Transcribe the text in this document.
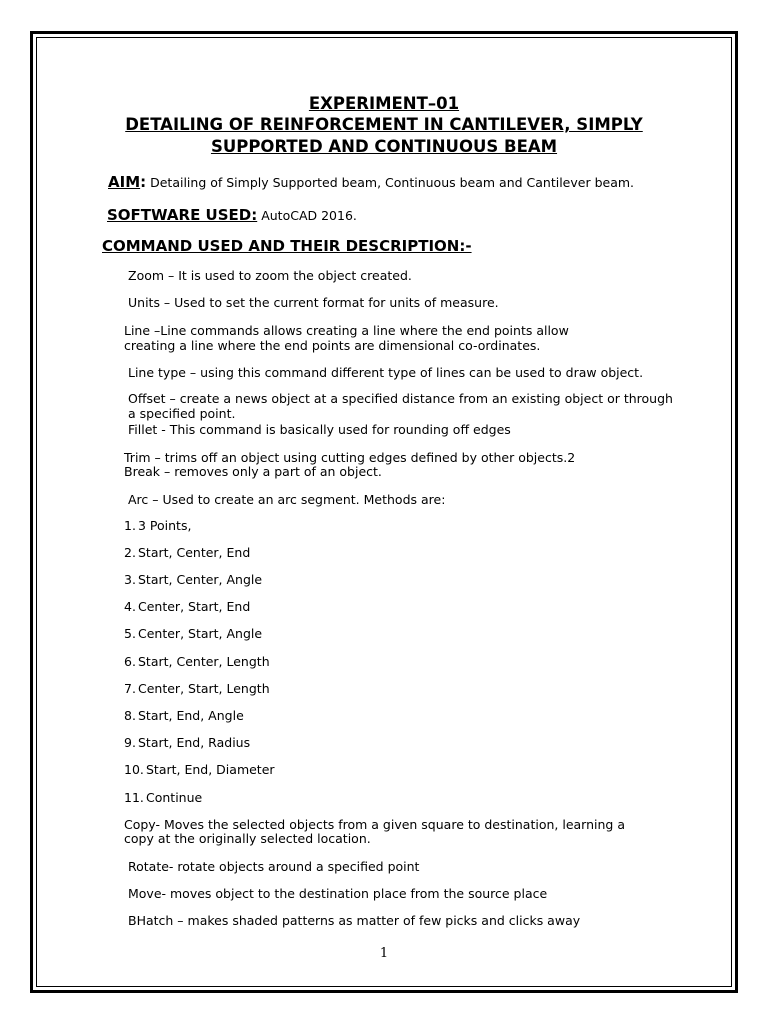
EXPERIMENT–01
DETAILING OF REINFORCEMENT IN CANTILEVER, SIMPLY
SUPPORTED AND CONTINUOUS BEAM
AIM: Detailing of Simply Supported beam, Continuous beam and Cantilever beam.
SOFTWARE USED: AutoCAD 2016.
COMMAND USED AND THEIR DESCRIPTION:-
Zoom – It is used to zoom the object created.
Units – Used to set the current format for units of measure.
Line –Line commands allows creating a line where the end points allow
creating a line where the end points are dimensional co-ordinates.
Line type – using this command different type of lines can be used to draw object.
Offset – create a news object at a specified distance from an existing object or through
a specified point.
Fillet - This command is basically used for rounding off edges
Trim – trims off an object using cutting edges defined by other objects.2
Break – removes only a part of an object.
Arc – Used to create an arc segment. Methods are:
1. 3 Points,
2. Start, Center, End
3. Start, Center, Angle
4. Center, Start, End
5. Center, Start, Angle
6. Start, Center, Length
7. Center, Start, Length
8. Start, End, Angle
9. Start, End, Radius
10. Start, End, Diameter
11. Continue
Copy- Moves the selected objects from a given square to destination, learning a
copy at the originally selected location.
Rotate- rotate objects around a specified point
Move- moves object to the destination place from the source place
BHatch – makes shaded patterns as matter of few picks and clicks away
1
